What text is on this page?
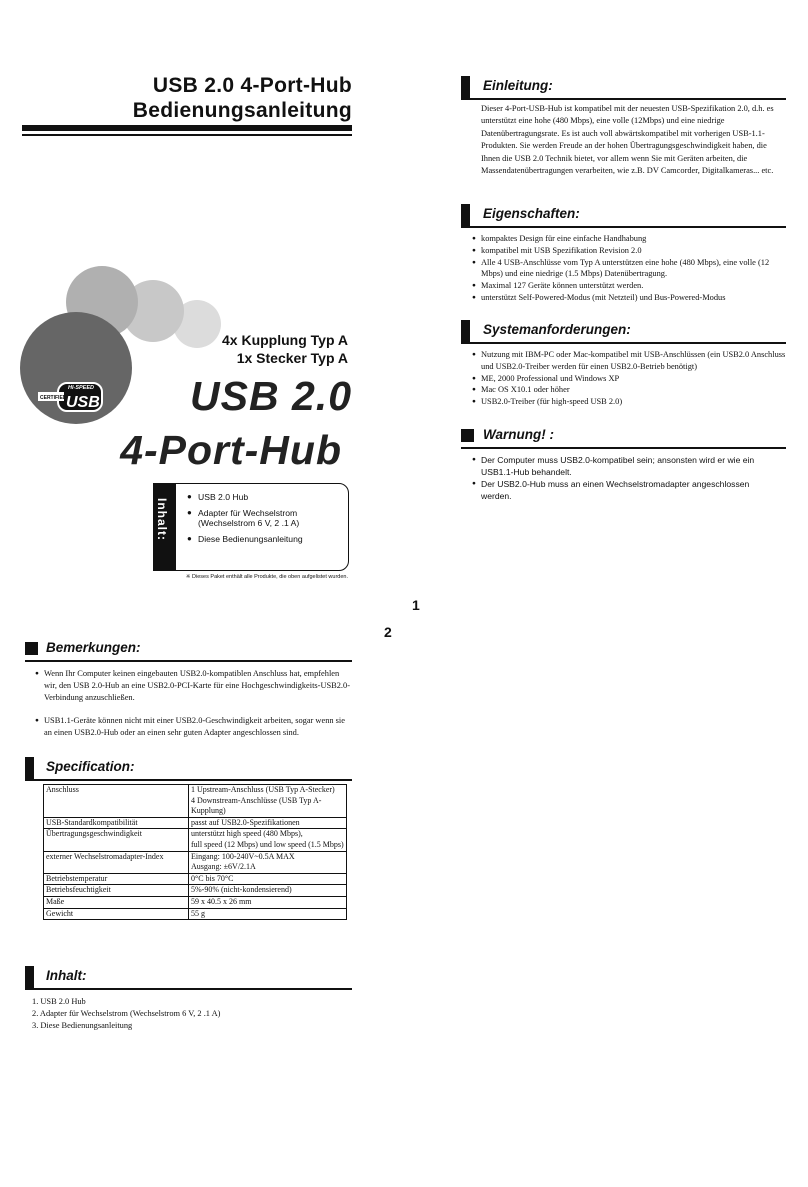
USB 2.0 4-Port-Hub
Bedienungsanleitung
CERTIFIED
HI-SPEED
USB
4x Kupplung Typ A
1x Stecker Typ A
USB 2.0
4-Port-Hub
Inhalt:
● USB 2.0 Hub
● Adapter für Wechselstrom
(Wechselstrom 6 V, 2 .1 A)
● Diese Bedienungsanleitung
※ Dieses Paket enthält alle Produkte, die oben aufgelistet wurden.
1
2
Einleitung:
Dieser 4-Port-USB-Hub ist kompatibel mit der neuesten USB-Spezifikation 2.0, d.h. es unterstützt eine hohe (480 Mbps), eine volle (12Mbps) und eine niedrige Datenübertragungsrate. Es ist auch voll abwärtskompatibel mit vorherigen USB-1.1-Produkten. Sie werden Freude an der hohen Übertragungsgeschwindigkeit haben, die Ihnen die USB 2.0 Technik bietet, vor allem wenn Sie mit Geräten arbeiten, die Massendatenübertragungen verarbeiten, wie z.B. DV Camcorder, Digitalkameras... etc.
Eigenschaften:
● kompaktes Design für eine einfache Handhabung
● kompatibel mit USB Spezifikation Revision 2.0
● Alle 4 USB-Anschlüsse vom Typ A unterstützen eine hohe (480 Mbps), eine volle (12 Mbps) und eine niedrige (1.5 Mbps) Datenübertragung.
● Maximal 127 Geräte können unterstützt werden.
● unterstützt Self-Powered-Modus (mit Netzteil) und Bus-Powered-Modus
Systemanforderungen:
● Nutzung mit IBM-PC oder Mac-kompatibel mit USB-Anschlüssen (ein USB2.0 Anschluss und USB2.0-Treiber werden für einen USB2.0-Betrieb benötigt)
● ME, 2000 Professional und Windows XP
● Mac OS X10.1 oder höher
● USB2.0-Treiber (für high-speed USB 2.0)
Warnung! :
● Der Computer muss USB2.0-kompatibel sein; ansonsten wird er wie ein USB1.1-Hub behandelt.
● Der USB2.0-Hub muss an einen Wechselstromadapter angeschlossen werden.
Bemerkungen:
● Wenn Ihr Computer keinen eingebauten USB2.0-kompatiblen Anschluss hat, empfehlen wir, den USB 2.0-Hub an eine USB2.0-PCI-Karte für eine Hochgeschwindigkeits-USB2.0-Verbindung anzuschließen.
● USB1.1-Geräte können nicht mit einer USB2.0-Geschwindigkeit arbeiten, sogar wenn sie an einen USB2.0-Hub oder an einen sehr guten Adapter angeschlossen sind.
Specification:
Anschluss	1 Upstream-Anschluss (USB Typ A-Stecker)
4 Downstream-Anschlüsse (USB Typ A-Kupplung)
USB-Standardkompatibilität	passt auf USB2.0-Spezifikationen
Übertragungsgeschwindigkeit	unterstützt high speed (480 Mbps),
full speed (12 Mbps) und low speed (1.5 Mbps)
externer Wechselstromadapter-Index	Eingang: 100-240V~0.5A MAX
Ausgang: ±6V/2.1A
Betriebstemperatur	0°C bis 70°C
Betriebsfeuchtigkeit	5%-90% (nicht-kondensierend)
Maße	59 x 40.5 x 26 mm
Gewicht	55 g
Inhalt:
1. USB 2.0 Hub
2. Adapter für Wechselstrom (Wechselstrom 6 V, 2 .1 A)
3. Diese Bedienungsanleitung
